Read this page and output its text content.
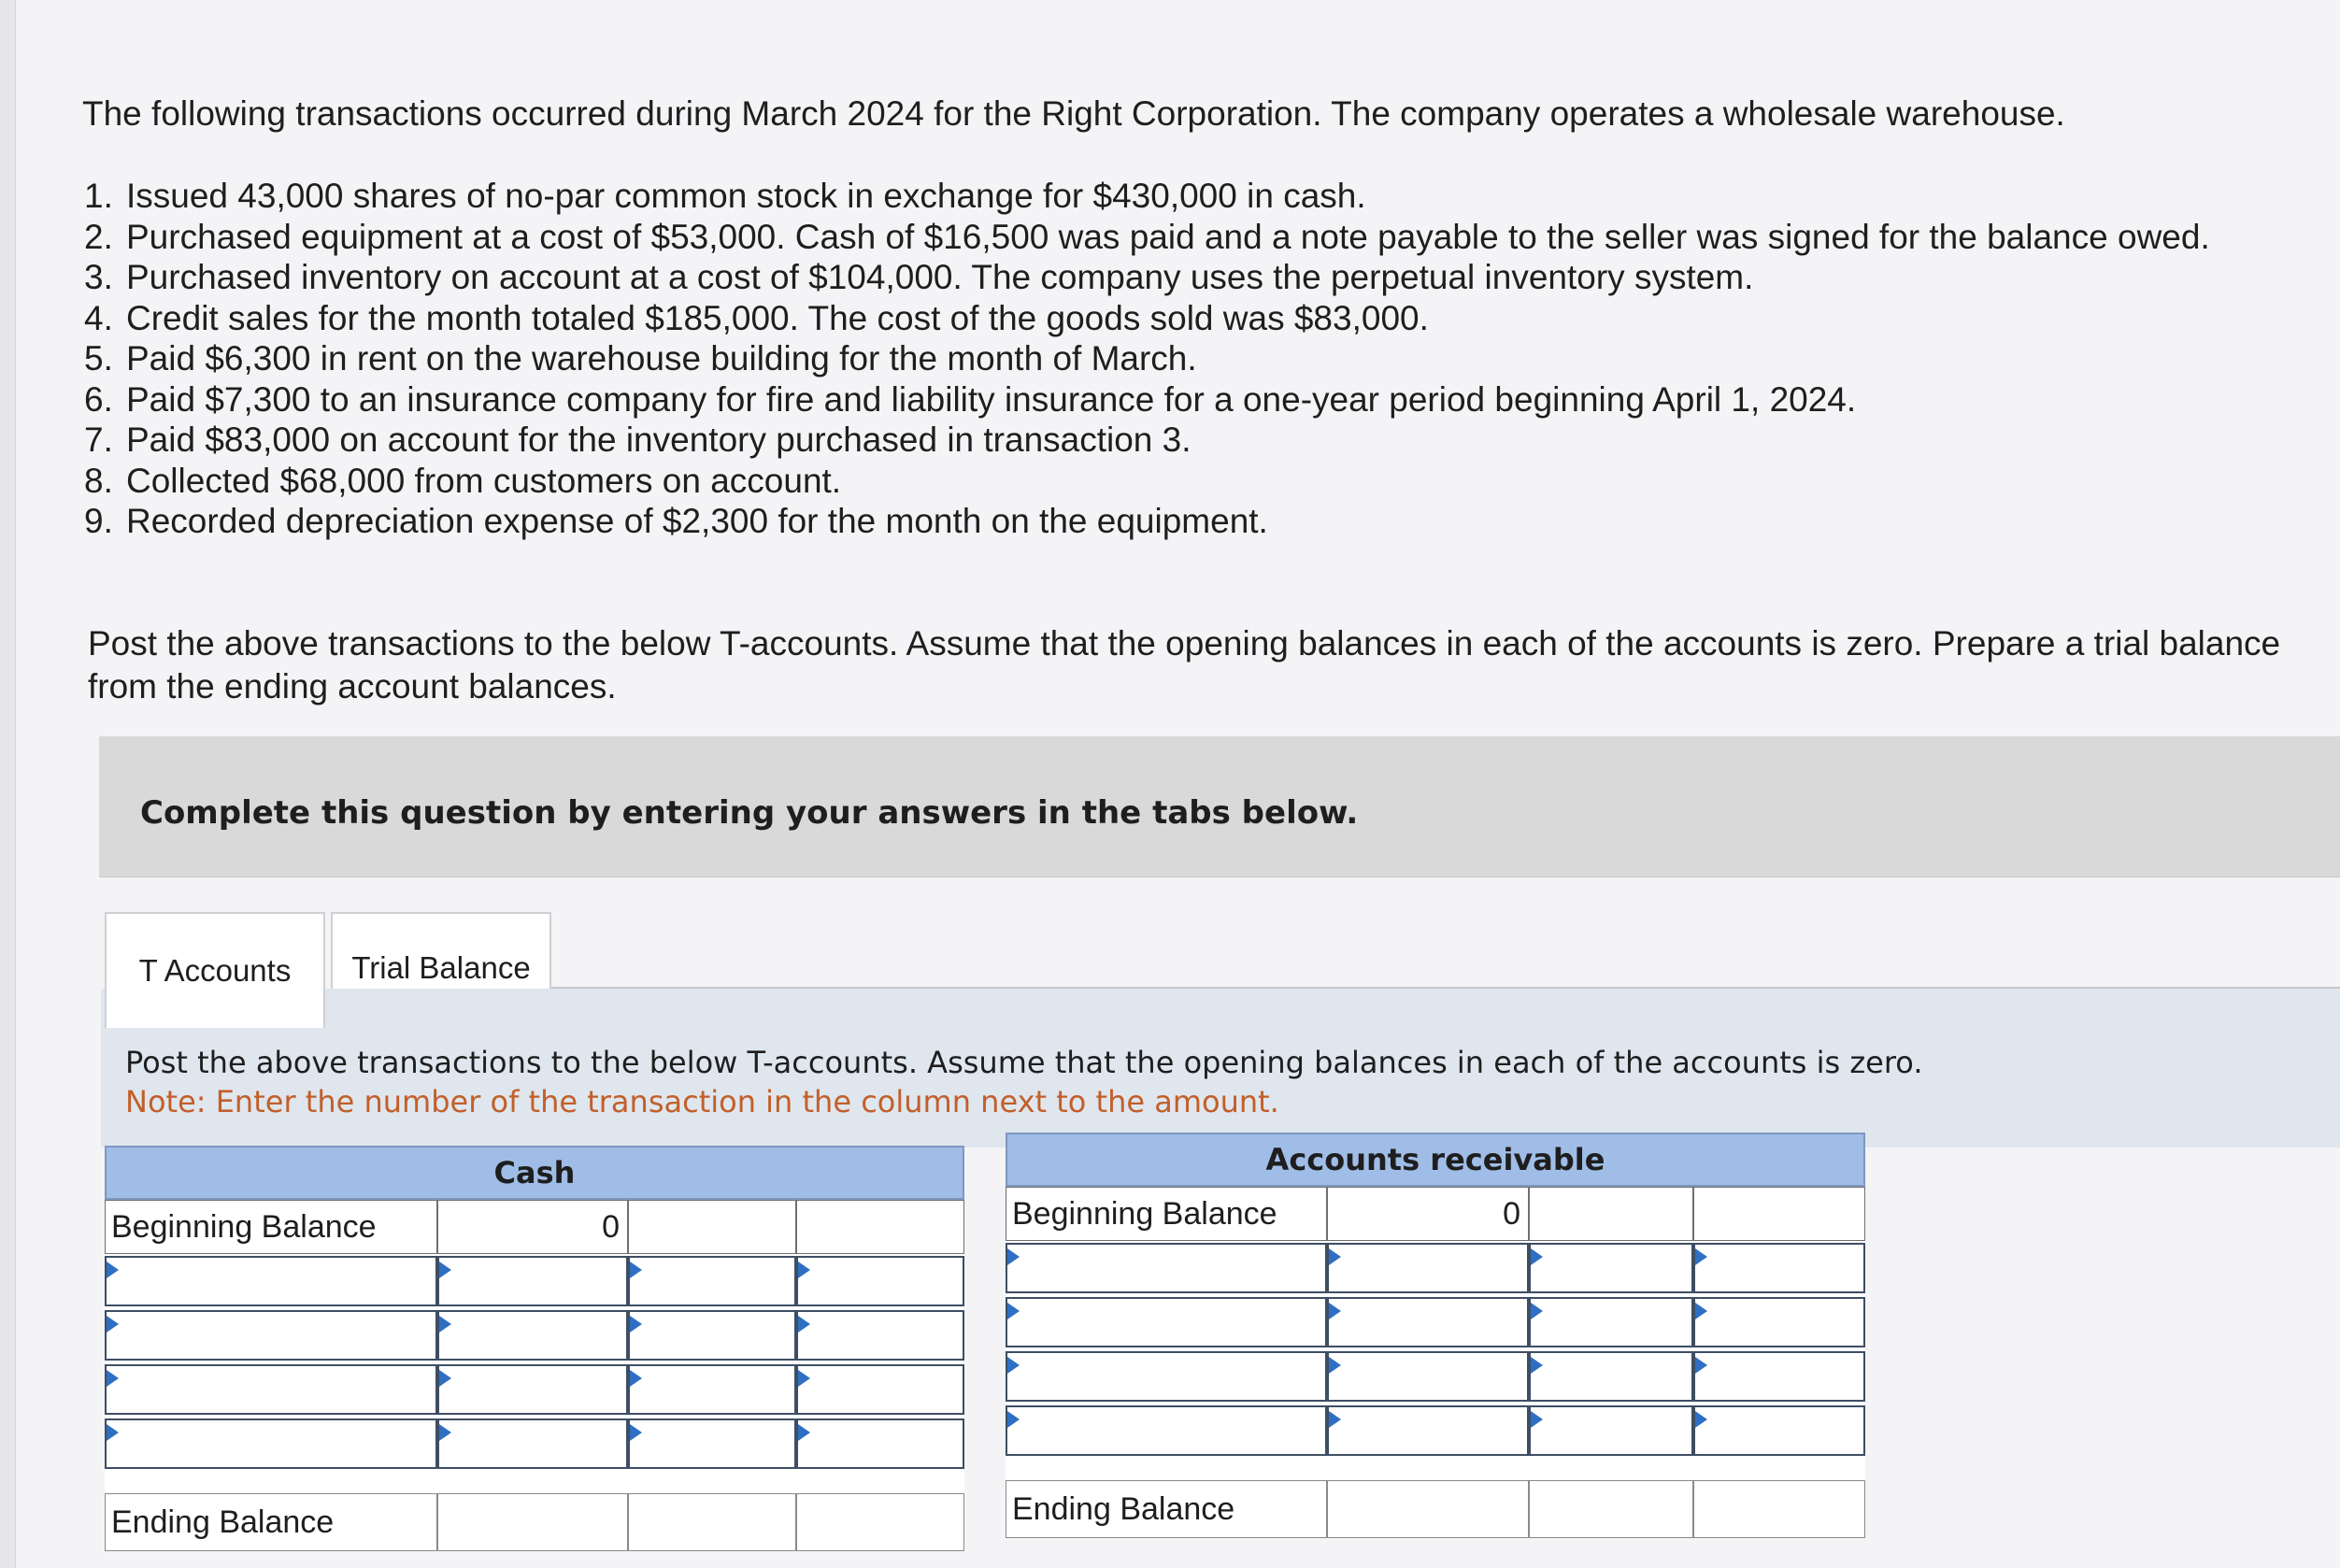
The following transactions occurred during March 2024 for the Right Corporation. The company operates a wholesale warehouse.
1. Issued 43,000 shares of no-par common stock in exchange for $430,000 in cash.
2. Purchased equipment at a cost of $53,000. Cash of $16,500 was paid and a note payable to the seller was signed for the balance owed.
3. Purchased inventory on account at a cost of $104,000. The company uses the perpetual inventory system.
4. Credit sales for the month totaled $185,000. The cost of the goods sold was $83,000.
5. Paid $6,300 in rent on the warehouse building for the month of March.
6. Paid $7,300 to an insurance company for fire and liability insurance for a one-year period beginning April 1, 2024.
7. Paid $83,000 on account for the inventory purchased in transaction 3.
8. Collected $68,000 from customers on account.
9. Recorded depreciation expense of $2,300 for the month on the equipment.
Post the above transactions to the below T-accounts. Assume that the opening balances in each of the accounts is zero. Prepare a trial balance from the ending account balances.
Complete this question by entering your answers in the tabs below.
T Accounts	Trial Balance
Post the above transactions to the below T-accounts. Assume that the opening balances in each of the accounts is zero.
Note: Enter the number of the transaction in the column next to the amount.
Cash
Beginning Balance	0
Ending Balance
Accounts receivable
Beginning Balance	0
Ending Balance
